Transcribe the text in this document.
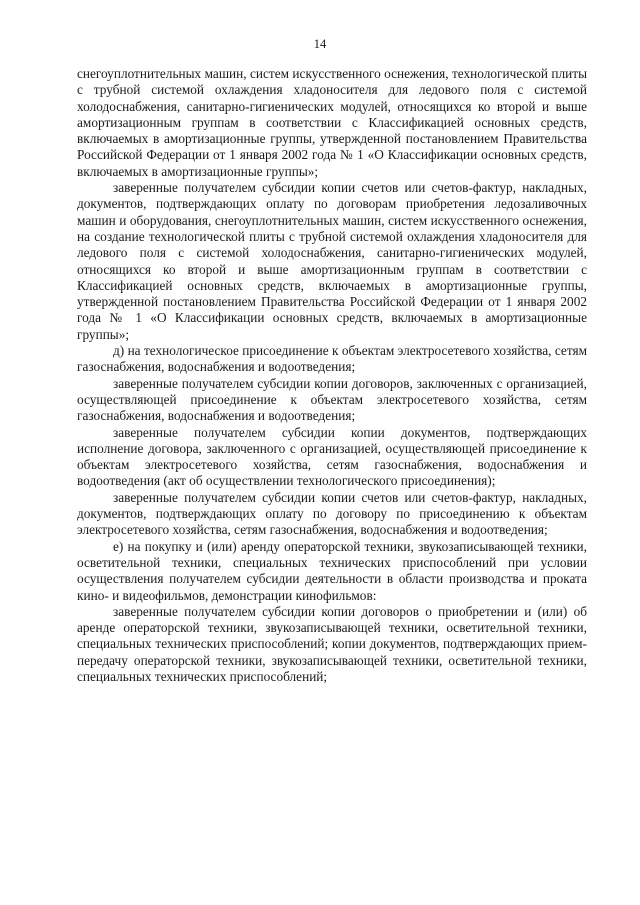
14

снегоуплотнительных машин, систем искусственного оснежения, технологической плиты с трубной системой охлаждения хладоносителя для ледового поля с системой холодоснабжения, санитарно-гигиенических модулей, относящихся ко второй и выше амортизационным группам в соответствии с Классификацией основных средств, включаемых в амортизационные группы, утвержденной постановлением Правительства Российской Федерации от 1 января 2002 года № 1 «О Классификации основных средств, включаемых в амортизационные группы»;

заверенные получателем субсидии копии счетов или счетов-фактур, накладных, документов, подтверждающих оплату по договорам приобретения ледозаливочных машин и оборудования, снегоуплотнительных машин, систем искусственного оснежения, на создание технологической плиты с трубной системой охлаждения хладоносителя для ледового поля с системой холодоснабжения, санитарно-гигиенических модулей, относящихся ко второй и выше амортизационным группам в соответствии с Классификацией основных средств, включаемых в амортизационные группы, утвержденной постановлением Правительства Российской Федерации от 1 января 2002 года № 1 «О Классификации основных средств, включаемых в амортизационные группы»;

д) на технологическое присоединение к объектам электросетевого хозяйства, сетям газоснабжения, водоснабжения и водоотведения;

заверенные получателем субсидии копии договоров, заключенных с организацией, осуществляющей присоединение к объектам электросетевого хозяйства, сетям газоснабжения, водоснабжения и водоотведения;

заверенные получателем субсидии копии документов, подтверждающих исполнение договора, заключенного с организацией, осуществляющей присоединение к объектам электросетевого хозяйства, сетям газоснабжения, водоснабжения и водоотведения (акт об осуществлении технологического присоединения);

заверенные получателем субсидии копии счетов или счетов-фактур, накладных, документов, подтверждающих оплату по договору по присоединению к объектам электросетевого хозяйства, сетям газоснабжения, водоснабжения и водоотведения;

е) на покупку и (или) аренду операторской техники, звукозаписывающей техники, осветительной техники, специальных технических приспособлений при условии осуществления получателем субсидии деятельности в области производства и проката кино- и видеофильмов, демонстрации кинофильмов:

заверенные получателем субсидии копии договоров о приобретении и (или) об аренде операторской техники, звукозаписывающей техники, осветительной техники, специальных технических приспособлений; копии документов, подтверждающих прием-передачу операторской техники, звукозаписывающей техники, осветительной техники, специальных технических приспособлений;
